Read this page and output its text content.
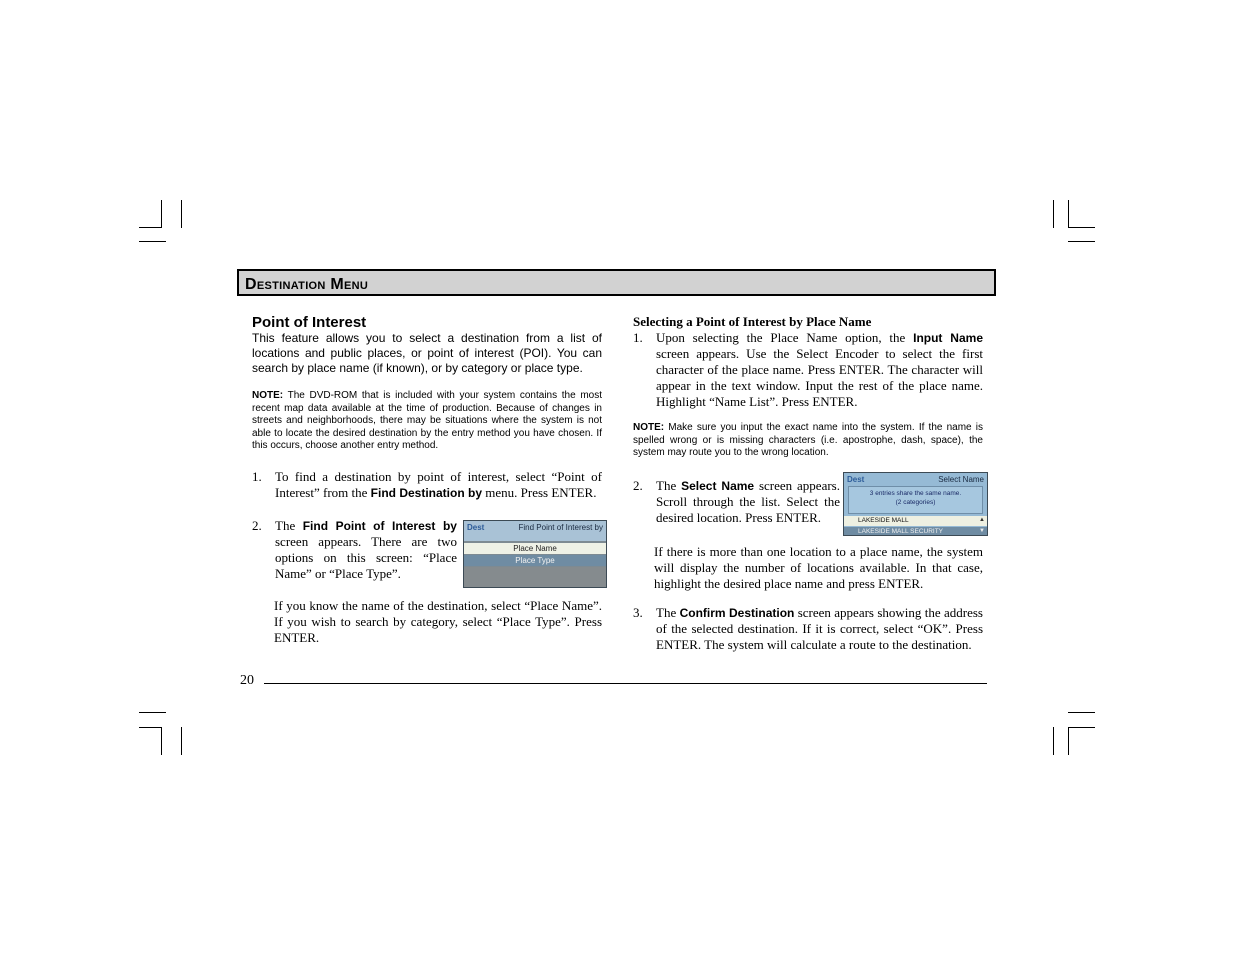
Destination Menu
Point of Interest
This feature allows you to select a destination from a list of locations and public places, or point of interest (POI). You can search by place name (if known), or by category or place type.
NOTE: The DVD-ROM that is included with your system contains the most recent map data available at the time of production. Because of changes in streets and neighborhoods, there may be situations where the system is not able to locate the desired destination by the entry method you have chosen. If this occurs, choose another entry method.
1.	To find a destination by point of interest, select “Point of Interest” from the Find Destination by menu. Press ENTER.
2.	The Find Point of Interest by screen appears. There are two options on this screen: “Place Name” or “Place Type”.
Dest	Find Point of Interest by
Place Name
Place Type
If you know the name of the destination, select “Place Name”. If you wish to search by category, select “Place Type”. Press ENTER.
Selecting a Point of Interest by Place Name
1.	Upon selecting the Place Name option, the Input Name screen appears. Use the Select Encoder to select the first character of the place name. Press ENTER. The character will appear in the text window. Input the rest of the place name. Highlight “Name List”. Press ENTER.
NOTE: Make sure you input the exact name into the system. If the name is spelled wrong or is missing characters (i.e. apostrophe, dash, space), the system may route you to the wrong location.
2.	The Select Name screen appears. Scroll through the list. Select the desired location. Press ENTER.
Dest	Select Name
3 entries share the same name.
(2 categories)
LAKESIDE MALL
LAKESIDE MALL SECURITY
▲
▼
If there is more than one location to a place name, the system will display the number of locations available. In that case, highlight the desired place name and press ENTER.
3.	The Confirm Destination screen appears showing the address of the selected destination. If it is correct, select “OK”. Press ENTER. The system will calculate a route to the destination.
20
